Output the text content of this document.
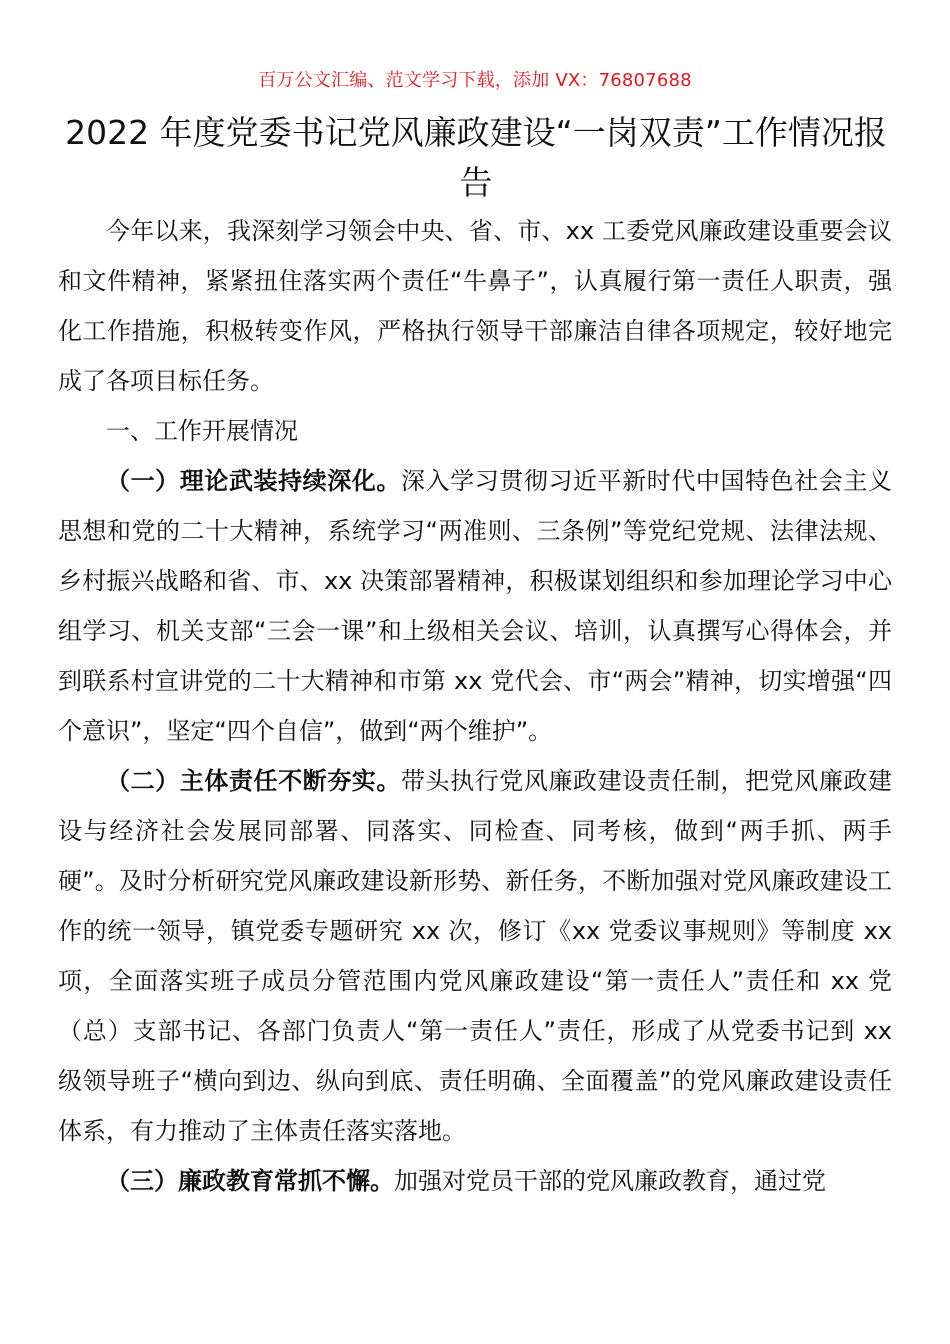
百万公文汇编、范文学习下载，添加 VX：76807688
2022 年度党委书记党风廉政建设“一岗双责”工作情况报告

今年以来，我深刻学习领会中央、省、市、xx 工委党风廉政建设重要会议和文件精神，紧紧扭住落实两个责任“牛鼻子”，认真履行第一责任人职责，强化工作措施，积极转变作风，严格执行领导干部廉洁自律各项规定，较好地完成了各项目标任务。

一、工作开展情况

（一）理论武装持续深化。深入学习贯彻习近平新时代中国特色社会主义思想和党的二十大精神，系统学习“两准则、三条例”等党纪党规、法律法规、乡村振兴战略和省、市、xx 决策部署精神，积极谋划组织和参加理论学习中心组学习、机关支部“三会一课”和上级相关会议、培训，认真撰写心得体会，并到联系村宣讲党的二十大精神和市第 xx 党代会、市“两会”精神，切实增强“四个意识”，坚定“四个自信”，做到“两个维护”。

（二）主体责任不断夯实。带头执行党风廉政建设责任制，把党风廉政建设与经济社会发展同部署、同落实、同检查、同考核，做到“两手抓、两手硬”。及时分析研究党风廉政建设新形势、新任务，不断加强对党风廉政建设工作的统一领导，镇党委专题研究 xx 次，修订《xx 党委议事规则》等制度 xx 项，全面落实班子成员分管范围内党风廉政建设“第一责任人”责任和 xx 党（总）支部书记、各部门负责人“第一责任人”责任，形成了从党委书记到 xx 级领导班子“横向到边、纵向到底、责任明确、全面覆盖”的党风廉政建设责任体系，有力推动了主体责任落实落地。

（三）廉政教育常抓不懈。加强对党员干部的党风廉政教育，通过党
